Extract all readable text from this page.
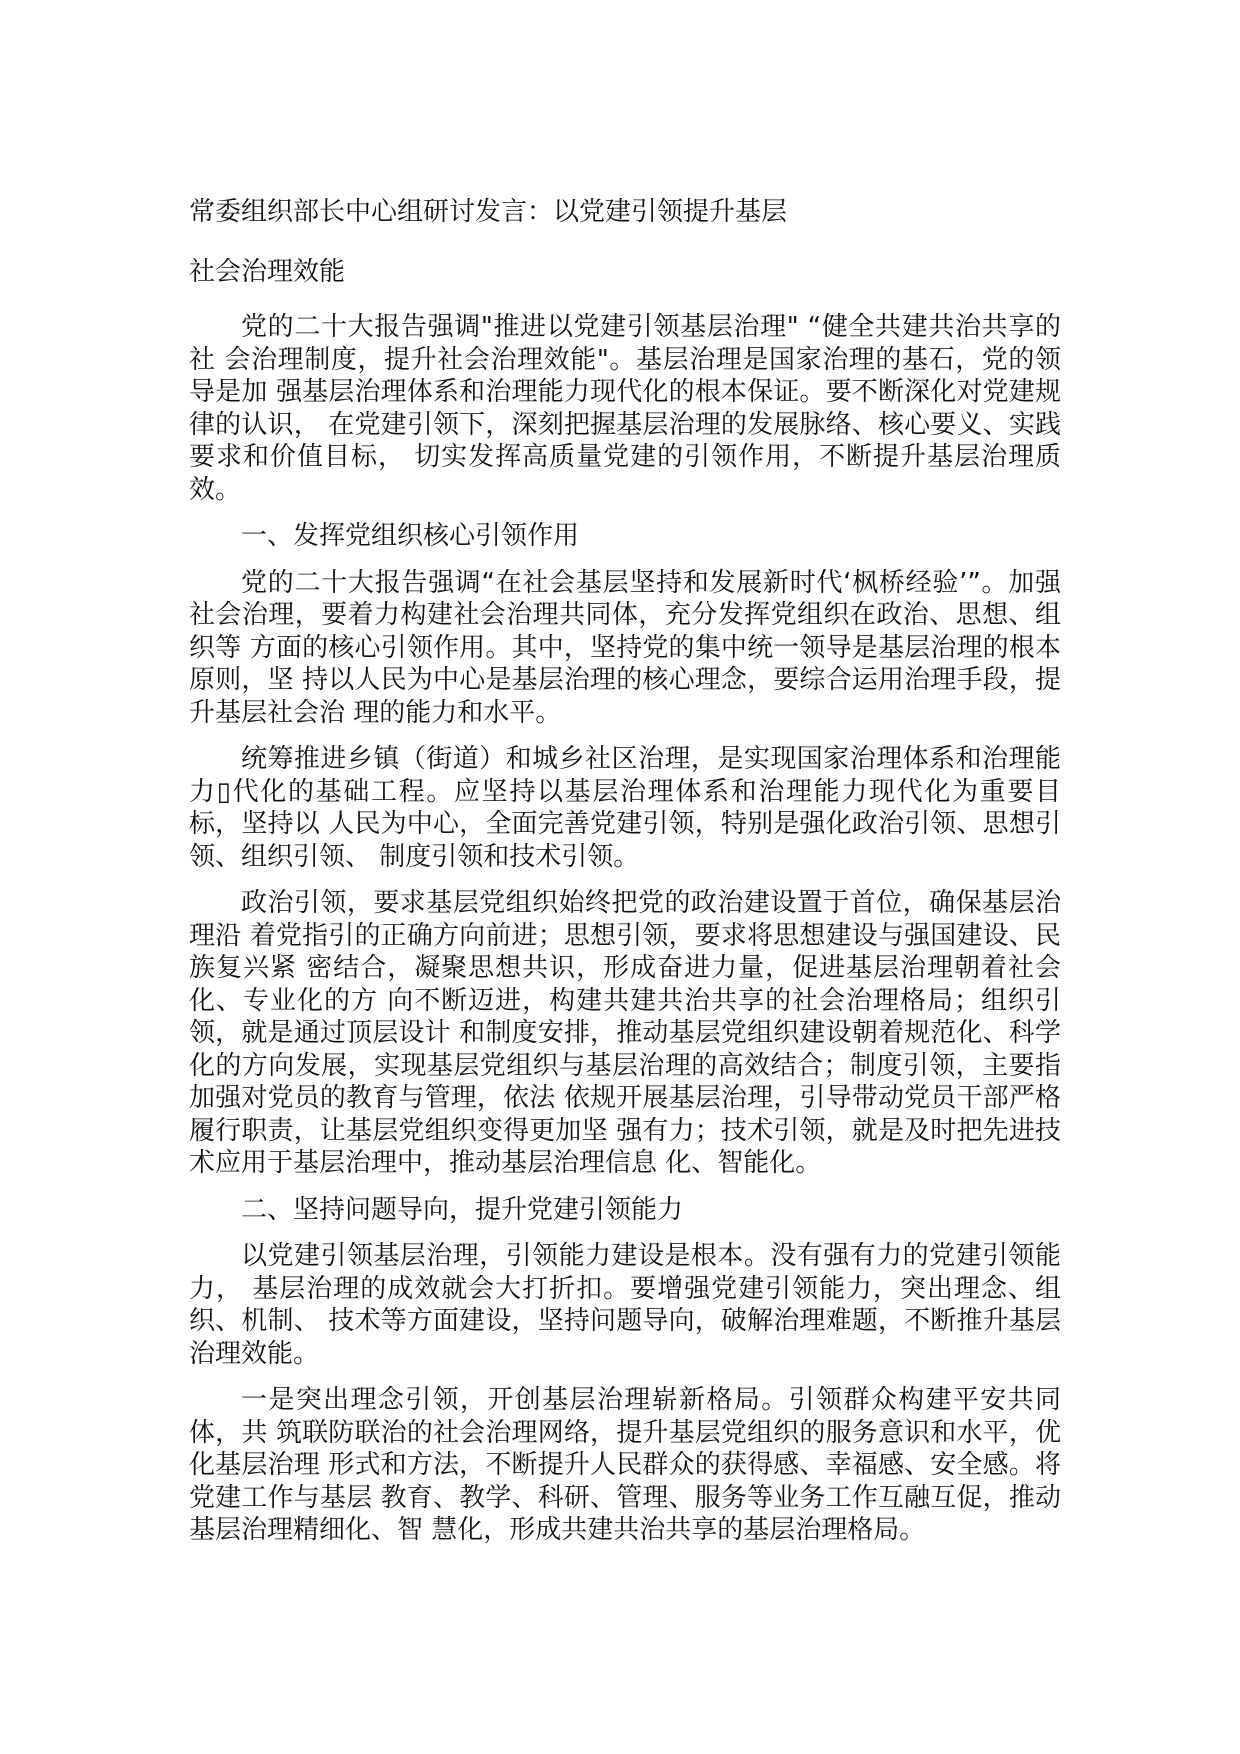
常委组织部长中心组研讨发言：以党建引领提升基层

社会治理效能

党的二十大报告强调"推进以党建引领基层治理" “健全共建共治共享的社 会治理制度，提升社会治理效能"。基层治理是国家治理的基石，党的领导是加 强基层治理体系和治理能力现代化的根本保证。要不断深化对党建规律的认识， 在党建引领下，深刻把握基层治理的发展脉络、核心要义、实践要求和价值目标， 切实发挥高质量党建的引领作用，不断提升基层治理质效。

一、发挥党组织核心引领作用

党的二十大报告强调“在社会基层坚持和发展新时代‘枫桥经验’”。加强 社会治理，要着力构建社会治理共同体，充分发挥党组织在政治、思想、组织等 方面的核心引领作用。其中，坚持党的集中统一领导是基层治理的根本原则，坚 持以人民为中心是基层治理的核心理念，要综合运用治理手段，提升基层社会治 理的能力和水平。

统筹推进乡镇（街道）和城乡社区治理，是实现国家治理体系和治理能力▯代化的基础工程。应坚持以基层治理体系和治理能力现代化为重要目标，坚持以 人民为中心，全面完善党建引领，特别是强化政治引领、思想引领、组织引领、 制度引领和技术引领。

政治引领，要求基层党组织始终把党的政治建设置于首位，确保基层治理沿 着党指引的正确方向前进；思想引领，要求将思想建设与强国建设、民族复兴紧 密结合，凝聚思想共识，形成奋进力量，促进基层治理朝着社会化、专业化的方 向不断迈进，构建共建共治共享的社会治理格局；组织引领，就是通过顶层设计 和制度安排，推动基层党组织建设朝着规范化、科学化的方向发展，实现基层党组织与基层治理的高效结合；制度引领，主要指加强对党员的教育与管理，依法 依规开展基层治理，引导带动党员干部严格履行职责，让基层党组织变得更加坚 强有力；技术引领，就是及时把先进技术应用于基层治理中，推动基层治理信息 化、智能化。

二、坚持问题导向，提升党建引领能力

以党建引领基层治理，引领能力建设是根本。没有强有力的党建引领能力， 基层治理的成效就会大打折扣。要增强党建引领能力，突出理念、组织、机制、 技术等方面建设，坚持问题导向，破解治理难题，不断推升基层治理效能。

一是突出理念引领，开创基层治理崭新格局。引领群众构建平安共同体，共 筑联防联治的社会治理网络，提升基层党组织的服务意识和水平，优化基层治理 形式和方法，不断提升人民群众的获得感、幸福感、安全感。将党建工作与基层 教育、教学、科研、管理、服务等业务工作互融互促，推动基层治理精细化、智 慧化，形成共建共治共享的基层治理格局。
